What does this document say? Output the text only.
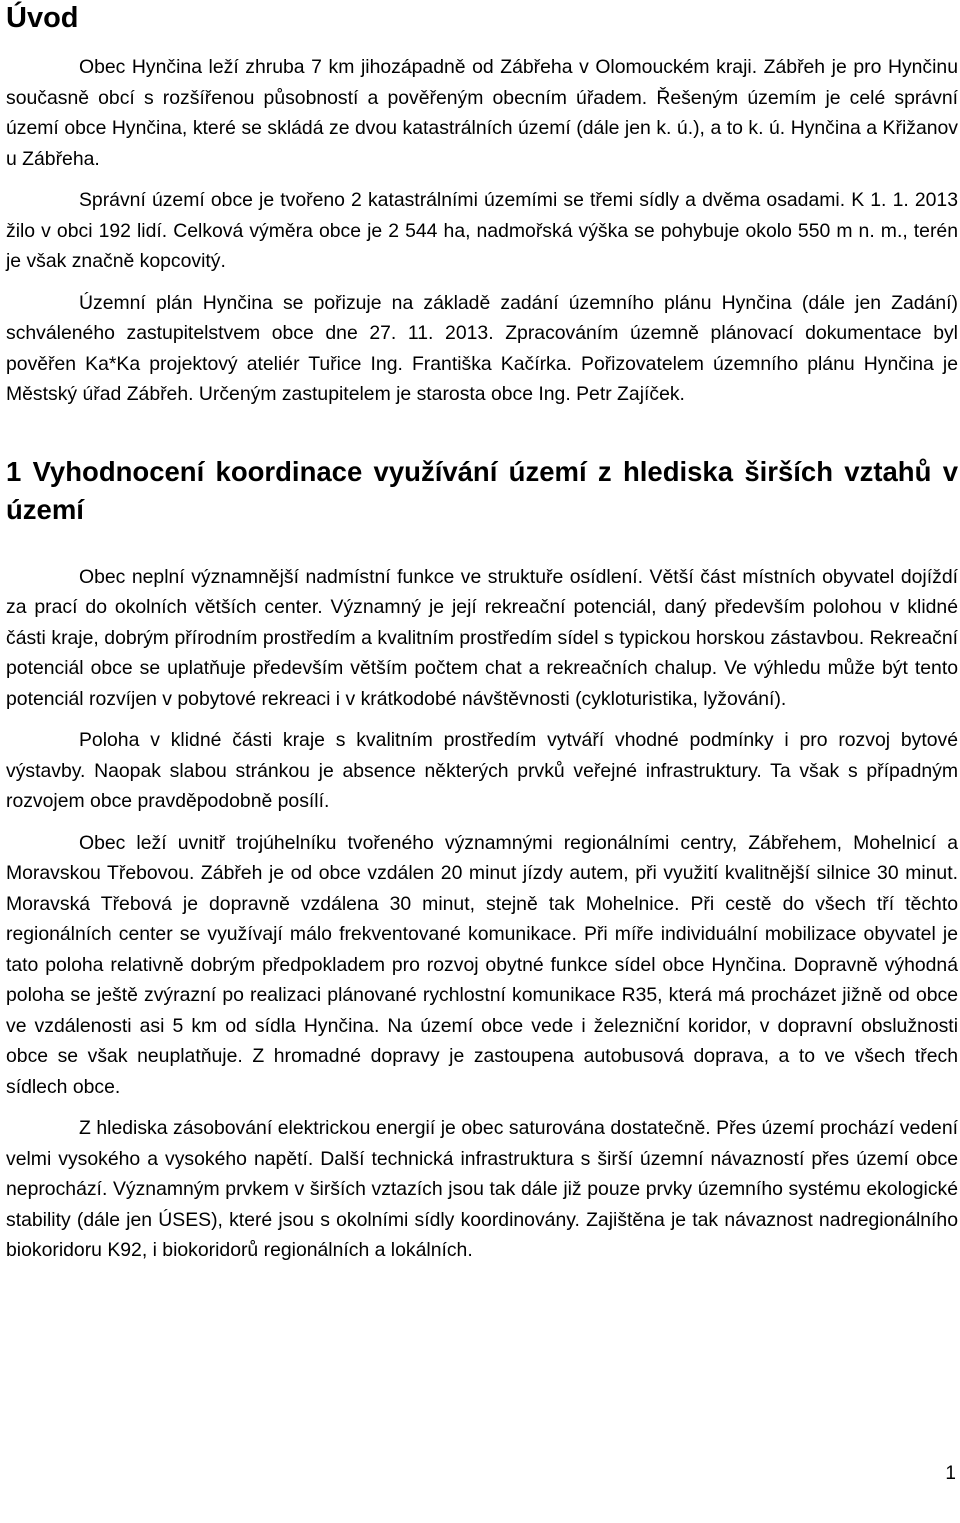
Úvod

Obec Hynčina leží zhruba 7 km jihozápadně od Zábřeha v Olomouckém kraji. Zábřeh je pro Hynčinu současně obcí s rozšířenou působností a pověřeným obecním úřadem. Řešeným územím je celé správní území obce Hynčina, které se skládá ze dvou katastrálních území (dále jen k. ú.), a to k. ú. Hynčina a Křižanov u Zábřeha.

Správní území obce je tvořeno 2 katastrálními územími se třemi sídly a dvěma osadami. K 1. 1. 2013 žilo v obci 192 lidí. Celková výměra obce je 2 544 ha, nadmořská výška se pohybuje okolo 550 m n. m., terén je však značně kopcovitý.

Územní plán Hynčina se pořizuje na základě zadání územního plánu Hynčina (dále jen Zadání) schváleného zastupitelstvem obce dne 27. 11. 2013. Zpracováním územně plánovací dokumentace byl pověřen Ka*Ka projektový ateliér Tuřice Ing. Františka Kačírka. Pořizovatelem územního plánu Hynčina je Městský úřad Zábřeh. Určeným zastupitelem je starosta obce Ing. Petr Zajíček.

1 Vyhodnocení koordinace využívání území z hlediska širších vztahů v území

Obec neplní významnější nadmístní funkce ve struktuře osídlení. Větší část místních obyvatel dojíždí za prací do okolních větších center. Významný je její rekreační potenciál, daný především polohou v klidné části kraje, dobrým přírodním prostředím a kvalitním prostředím sídel s typickou horskou zástavbou. Rekreační potenciál obce se uplatňuje především větším počtem chat a rekreačních chalup. Ve výhledu může být tento potenciál rozvíjen v pobytové rekreaci i v krátkodobé návštěvnosti (cykloturistika, lyžování).

Poloha v klidné části kraje s kvalitním prostředím vytváří vhodné podmínky i pro rozvoj bytové výstavby. Naopak slabou stránkou je absence některých prvků veřejné infrastruktury. Ta však s případným rozvojem obce pravděpodobně posílí.

Obec leží uvnitř trojúhelníku tvořeného významnými regionálními centry, Zábřehem, Mohelnicí a Moravskou Třebovou. Zábřeh je od obce vzdálen 20 minut jízdy autem, při využití kvalitnější silnice 30 minut. Moravská Třebová je dopravně vzdálena 30 minut, stejně tak Mohelnice. Při cestě do všech tří těchto regionálních center se využívají málo frekventované komunikace. Při míře individuální mobilizace obyvatel je tato poloha relativně dobrým předpokladem pro rozvoj obytné funkce sídel obce Hynčina. Dopravně výhodná poloha se ještě zvýrazní po realizaci plánované rychlostní komunikace R35, která má procházet jižně od obce ve vzdálenosti asi 5 km od sídla Hynčina. Na území obce vede i železniční koridor, v dopravní obslužnosti obce se však neuplatňuje. Z hromadné dopravy je zastoupena autobusová doprava, a to ve všech třech sídlech obce.

Z hlediska zásobování elektrickou energií je obec saturována dostatečně. Přes území prochází vedení velmi vysokého a vysokého napětí. Další technická infrastruktura s širší územní návazností přes území obce neprochází. Významným prvkem v širších vztazích jsou tak dále již pouze prvky územního systému ekologické stability (dále jen ÚSES), které jsou s okolními sídly koordinovány. Zajištěna je tak návaznost nadregionálního biokoridoru K92, i biokoridorů regionálních a lokálních.

1
